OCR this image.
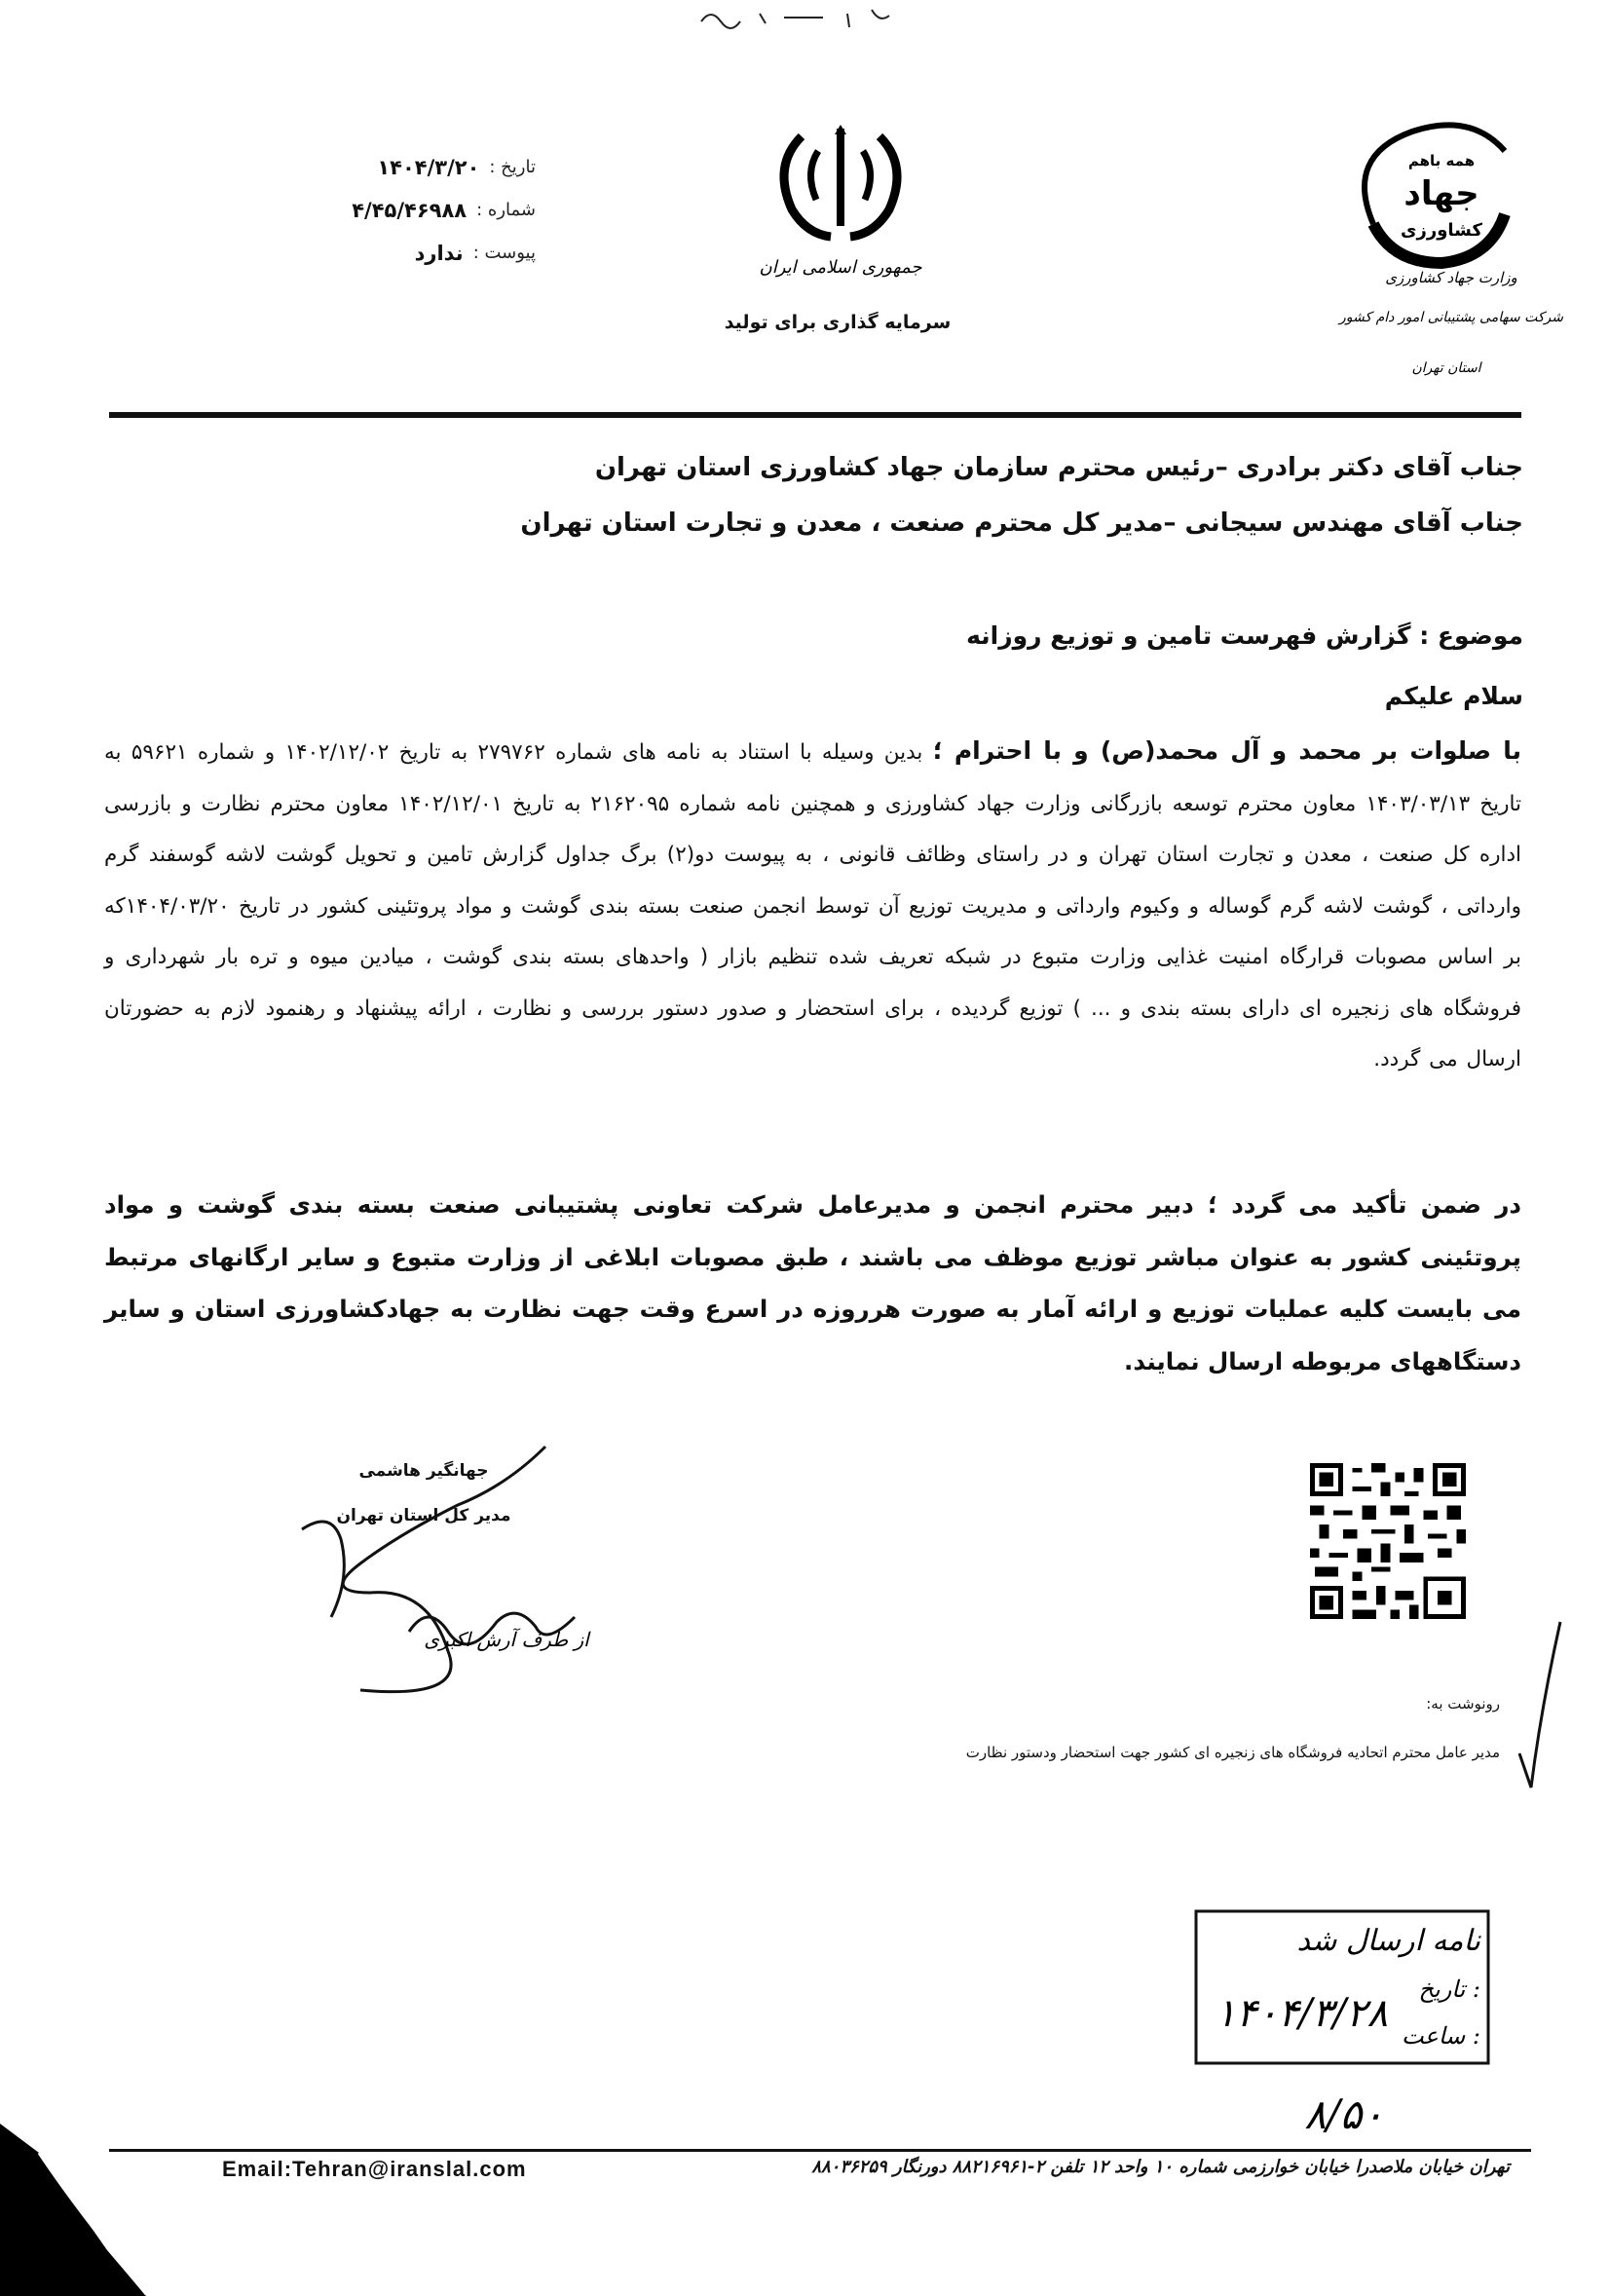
تاریخ :
۱۴۰۴/۳/۲۰
شماره :
۴/۴۵/۴۶۹۸۸
پیوست :
ندارد
جمهوری اسلامی ایران
سرمایه گذاری برای تولید
همه باهم
جهاد
کشاورزی
وزارت جهاد کشاورزی
شرکت سهامی پشتیبانی امور دام کشور
استان تهران
جناب آقای دکتر برادری –رئیس محترم سازمان جهاد کشاورزی استان تهران
جناب آقای مهندس سیجانی –مدیر کل محترم صنعت ، معدن و تجارت استان تهران
موضوع : گزارش فهرست تامین و توزیع روزانه
سلام علیکم
با صلوات بر محمد و آل محمد(ص) و با احترام ؛ بدین وسیله با استناد به نامه های شماره ۲۷۹۷۶۲ به تاریخ ۱۴۰۲/۱۲/۰۲ و شماره ۵۹۶۲۱ به تاریخ ۱۴۰۳/۰۳/۱۳ معاون محترم توسعه بازرگانی وزارت جهاد کشاورزی و همچنین نامه شماره ۲۱۶۲۰۹۵ به تاریخ ۱۴۰۲/۱۲/۰۱ معاون محترم نظارت و بازرسی اداره کل صنعت ، معدن و تجارت استان تهران و در راستای وظائف قانونی ، به پیوست دو(۲) برگ جداول گزارش تامین و تحویل گوشت لاشه گوسفند گرم وارداتی ، گوشت لاشه گرم گوساله و وکیوم وارداتی و مدیریت توزیع آن توسط انجمن صنعت بسته بندی گوشت و مواد پروتئینی کشور در تاریخ ۱۴۰۴/۰۳/۲۰که بر اساس مصوبات قرارگاه امنیت غذایی وزارت متبوع در شبکه تعریف شده تنظیم بازار ( واحدهای بسته بندی گوشت ، میادین میوه و تره بار شهرداری و فروشگاه های زنجیره ای دارای بسته بندی و ... ) توزیع گردیده ، برای استحضار و صدور دستور بررسی و نظارت ، ارائه پیشنهاد و رهنمود لازم به حضورتان ارسال می گردد.
در ضمن تأکید می گردد ؛ دبیر محترم انجمن و مدیرعامل شرکت تعاونی پشتیبانی صنعت بسته بندی گوشت و مواد پروتئینی کشور به عنوان مباشر توزیع موظف می باشند ، طبق مصوبات ابلاغی از وزارت متبوع و سایر ارگانهای مرتبط می بایست کلیه عملیات توزیع و ارائه آمار به صورت هرروزه در اسرع وقت جهت نظارت به جهادکشاورزی استان و سایر دستگاههای مربوطه ارسال نمایند.
از طرف آرش اکبری
جهانگیر هاشمی
مدیر کل استان تهران
رونوشت به:
مدیر عامل محترم اتحادیه فروشگاه های زنجیره ای کشور جهت استحضار ودستور نظارت
نامه ارسال شد
تاریخ :
ساعت :
۱۴۰۴/۳/۲۸
۸/۵۰
Email:Tehran@iranslal.com	تهران خیابان ملاصدرا خیابان خوارزمی شماره ۱۰ واحد ۱۲ تلفن ۲-۸۸۲۱۶۹۶۱ دورنگار ۸۸۰۳۶۲۵۹
